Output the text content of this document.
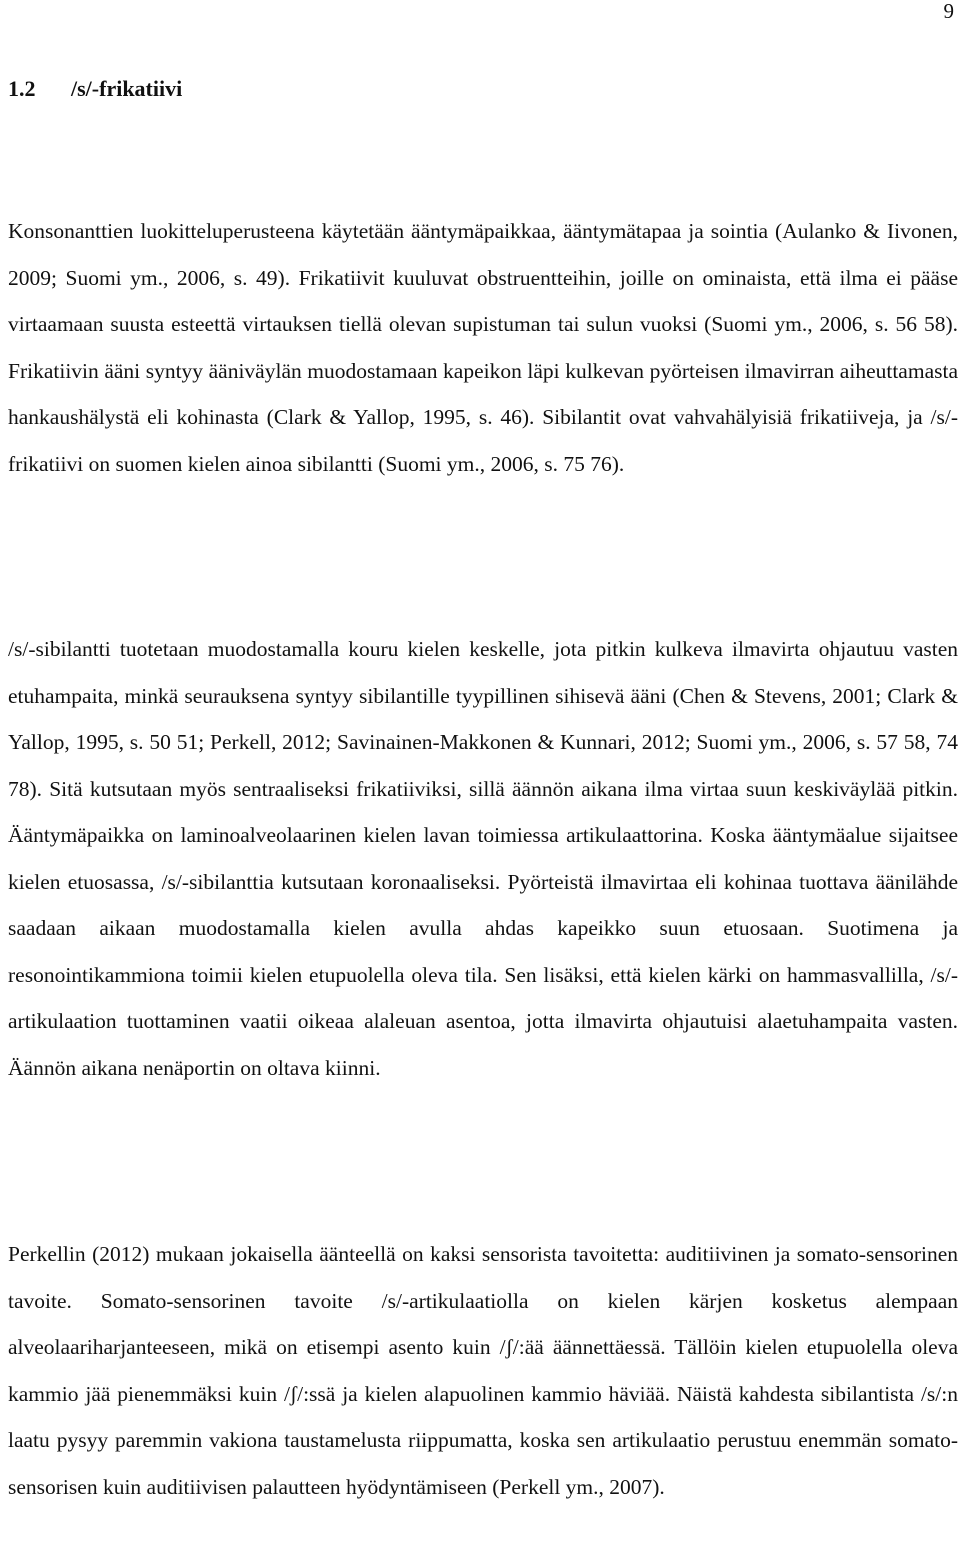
9
1.2 /s/-frikatiivi

Konsonanttien luokitteluperusteena käytetään ääntymäpaikkaa, ääntymätapaa ja sointia (Aulanko & Iivonen, 2009; Suomi ym., 2006, s. 49). Frikatiivit kuuluvat obstruentteihin, joille on ominaista, että ilma ei pääse virtaamaan suusta esteettä virtauksen tiellä olevan supistuman tai sulun vuoksi (Suomi ym., 2006, s. 56 58). Frikatiivin ääni syntyy ääniväylän muodostamaan kapeikon läpi kulkevan pyörteisen ilmavirran aiheuttamasta hankaushälystä eli kohinasta (Clark & Yallop, 1995, s. 46). Sibilantit ovat vahvahälyisiä frikatiiveja, ja /s/-frikatiivi on suomen kielen ainoa sibilantti (Suomi ym., 2006, s. 75 76).

/s/-sibilantti tuotetaan muodostamalla kouru kielen keskelle, jota pitkin kulkeva ilmavirta ohjautuu vasten etuhampaita, minkä seurauksena syntyy sibilantille tyypillinen sihisevä ääni (Chen & Stevens, 2001; Clark & Yallop, 1995, s. 50 51; Perkell, 2012; Savinainen-Makkonen & Kunnari, 2012; Suomi ym., 2006, s. 57 58, 74 78). Sitä kutsutaan myös sentraaliseksi frikatiiviksi, sillä äännön aikana ilma virtaa suun keskiväylää pitkin. Ääntymäpaikka on laminoalveolaarinen kielen lavan toimiessa artikulaattorina. Koska ääntymäalue sijaitsee kielen etuosassa, /s/-sibilanttia kutsutaan koronaaliseksi. Pyörteistä ilmavirtaa eli kohinaa tuottava äänilähde saadaan aikaan muodostamalla kielen avulla ahdas kapeikko suun etuosaan. Suotimena ja resonointikammiona toimii kielen etupuolella oleva tila. Sen lisäksi, että kielen kärki on hammasvallilla, /s/-artikulaation tuottaminen vaatii oikeaa alaleuan asentoa, jotta ilmavirta ohjautuisi alaetuhampaita vasten. Äännön aikana nenäportin on oltava kiinni.

Perkellin (2012) mukaan jokaisella äänteellä on kaksi sensorista tavoitetta: auditiivinen ja somato-sensorinen tavoite. Somato-sensorinen tavoite /s/-artikulaatiolla on kielen kärjen kosketus alempaan alveolaariharjanteeseen, mikä on etisempi asento kuin /ʃ/:ää äännettäessä. Tällöin kielen etupuolella oleva kammio jää pienemmäksi kuin /ʃ/:ssä ja kielen alapuolinen kammio häviää. Näistä kahdesta sibilantista /s/:n laatu pysyy paremmin vakiona taustamelusta riippumatta, koska sen artikulaatio perustuu enemmän somato-sensorisen kuin auditiivisen palautteen hyödyntämiseen (Perkell ym., 2007).
